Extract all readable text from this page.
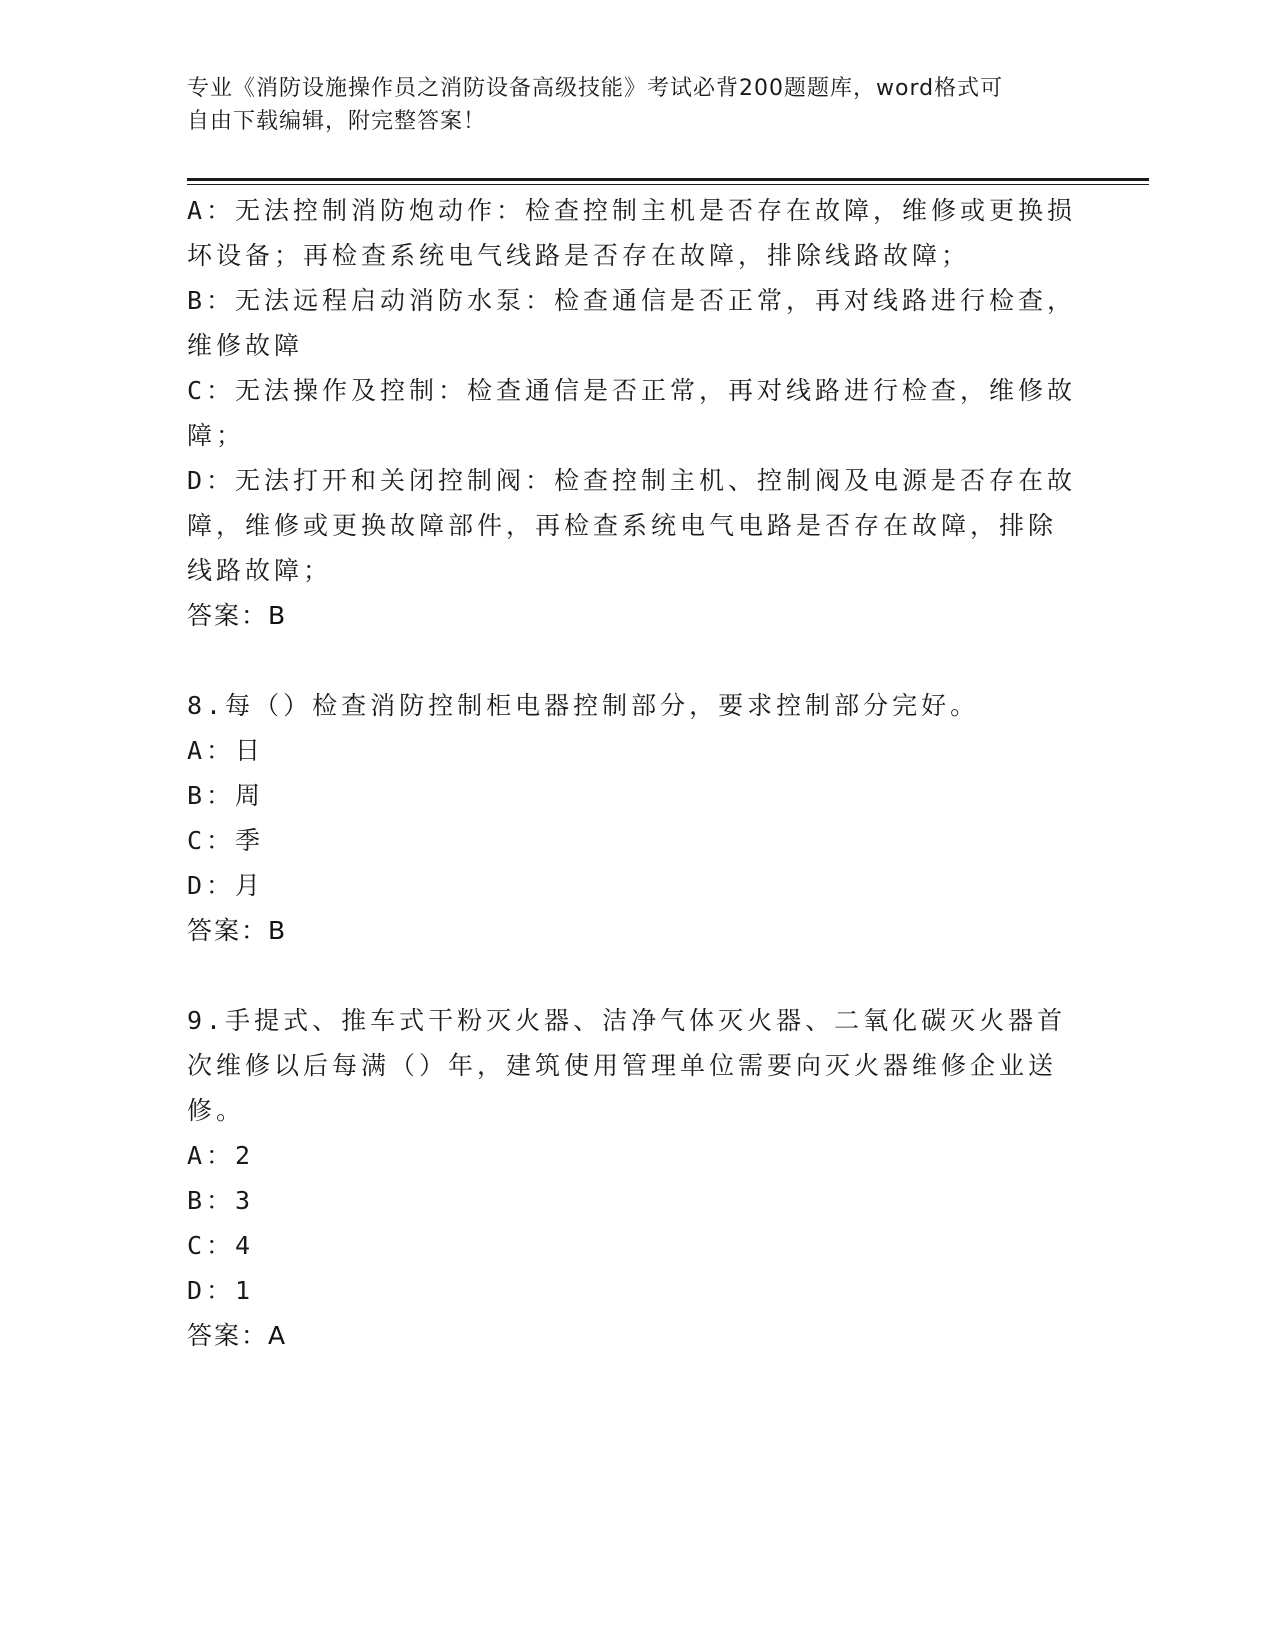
专业《消防设施操作员之消防设备高级技能》考试必背200题题库，word格式可
自由下载编辑，附完整答案！
A：无法控制消防炮动作：检查控制主机是否存在故障，维修或更换损
坏设备；再检查系统电气线路是否存在故障，排除线路故障；
B：无法远程启动消防水泵：检查通信是否正常，再对线路进行检查，
维修故障
C：无法操作及控制：检查通信是否正常，再对线路进行检查，维修故
障；
D：无法打开和关闭控制阀：检查控制主机、控制阀及电源是否存在故
障，维修或更换故障部件，再检查系统电气电路是否存在故障，排除
线路故障；
答案：B
8.每（）检查消防控制柜电器控制部分，要求控制部分完好。
A：日
B：周
C：季
D：月
答案：B
9.手提式、推车式干粉灭火器、洁净气体灭火器、二氧化碳灭火器首
次维修以后每满（）年，建筑使用管理单位需要向灭火器维修企业送
修。
A：2
B：3
C：4
D：1
答案：A
